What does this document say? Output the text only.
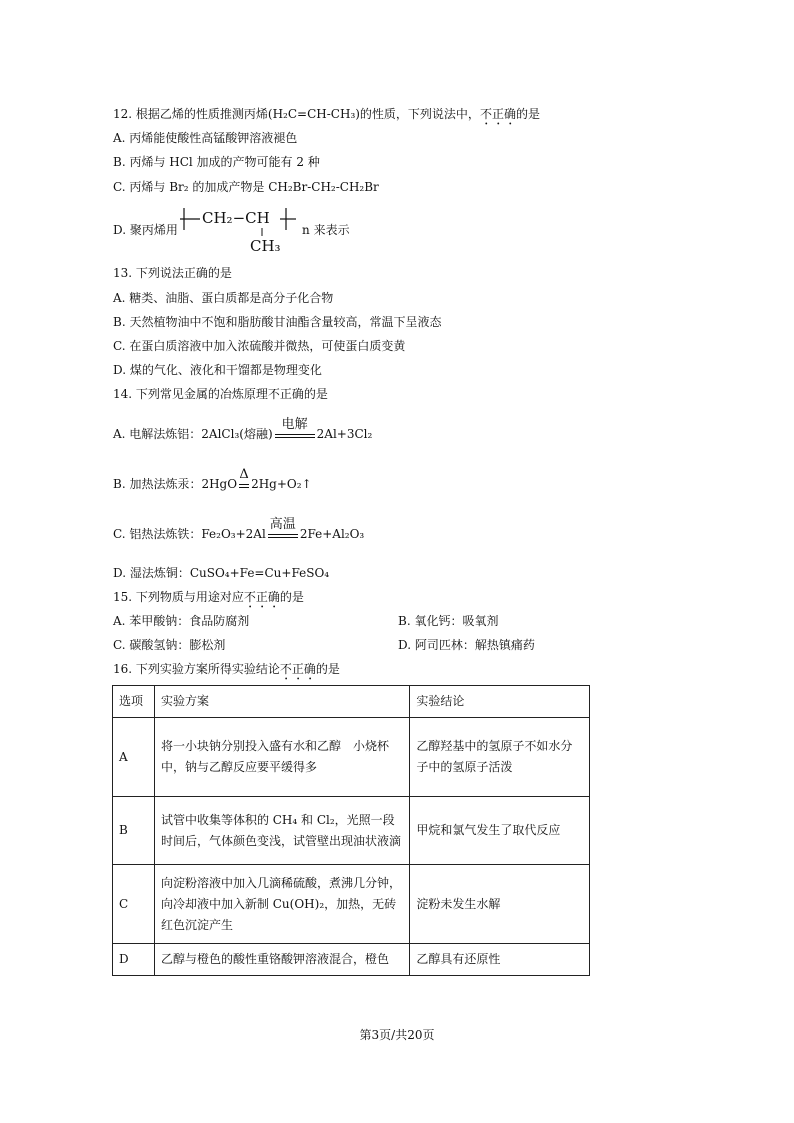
12. 根据乙烯的性质推测丙烯(H₂C=CH-CH₃)的性质，下列说法中，不正确的是
A. 丙烯能使酸性高锰酸钾溶液褪色
B. 丙烯与 HCl 加成的产物可能有 2 种
C. 丙烯与 Br₂ 的加成产物是 CH₂Br-CH₂-CH₂Br
D. 聚丙烯用
CH₂−CH
CH₃
n 来表示
13. 下列说法正确的是
A. 糖类、油脂、蛋白质都是高分子化合物
B. 天然植物油中不饱和脂肪酸甘油酯含量较高，常温下呈液态
C. 在蛋白质溶液中加入浓硫酸并微热，可使蛋白质变黄
D. 煤的气化、液化和干馏都是物理变化
14. 下列常见金属的冶炼原理不正确的是
A. 电解法炼铝：2AlCl₃(熔融)
电解
2Al+3Cl₂
B. 加热法炼汞：2HgO
Δ
2Hg+O₂↑
C. 铝热法炼铁：Fe₂O₃+2Al
高温
2Fe+Al₂O₃
D. 湿法炼铜：CuSO₄+Fe=Cu+FeSO₄
15. 下列物质与用途对应不正确的是
A. 苯甲酸钠：食品防腐剂	B. 氧化钙：吸氧剂
C. 碳酸氢钠：膨松剂	D. 阿司匹林：解热镇痛药
16. 下列实验方案所得实验结论不正确的是
选项	实验方案	实验结论
A	将一小块钠分别投入盛有水和乙醇　小烧杯中，钠与乙醇反应要平缓得多	乙醇羟基中的氢原子不如水分子中的氢原子活泼
B	试管中收集等体积的 CH₄ 和 Cl₂，光照一段时间后，气体颜色变浅，试管壁出现油状液滴	甲烷和氯气发生了取代反应
C	向淀粉溶液中加入几滴稀硫酸，煮沸几分钟，向冷却液中加入新制 Cu(OH)₂，加热，无砖红色沉淀产生	淀粉未发生水解
D	乙醇与橙色的酸性重铬酸钾溶液混合，橙色	乙醇具有还原性
第3页/共20页
